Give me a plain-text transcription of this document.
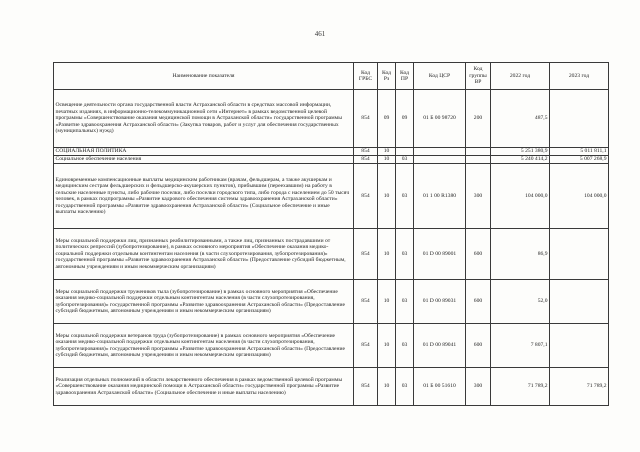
461
Наименование показателя	Код ГРБС	Код Рз	Код ПР	Код ЦСР	Код группы ВР	2022 год	2023 год
Освещение деятельности органа государственной власти Астраханской области в средствах массовой информации, печатных изданиях, в информационно-телекоммуникационной сети «Интернет» в рамках ведомственной целевой программы «Совершенствование оказания медицинской помощи в Астраханской области» государственной программы «Развитие здравоохранения Астраханской области» (Закупка товаров, работ и услуг для обеспечения государственных (муниципальных) нужд)	854	09	09	01 Б 00 98720	200	487,5	
СОЦИАЛЬНАЯ ПОЛИТИКА	854	10				5 251 380,9	5 011 811,1
Социальное обеспечение населения	854	10	03			5 240 414,2	5 007 268,9
Единовременные компенсационные выплаты медицинским работникам (врачам, фельдшерам, а также акушеркам и медицинским сестрам фельдшерских и фельдшерско-акушерских пунктов), прибывшим (переехавшим) на работу в сельские населенные пункты, либо рабочие поселки, либо поселки городского типа, либо города с населением до 50 тысяч человек, в рамках подпрограммы «Развитие кадрового обеспечения системы здравоохранения Астраханской области» государственной программы «Развитие здравоохранения Астраханской области» (Социальное обеспечение и иные выплаты населению)	854	10	03	01 1 00 R1380	300	104 000,0	104 000,0
Меры социальной поддержки лиц, признанных реабилитированными, а также лиц, признанных пострадавшими от политических репрессий (зубопротезирование), в рамках основного мероприятия «Обеспечение оказания медико-социальной поддержки отдельным контингентам населения (в части слухопротезирования, зубопротезирования)» государственной программы «Развитие здравоохранения Астраханской области» (Предоставление субсидий бюджетным, автономным учреждениям и иным некоммерческим организациям)	854	10	03	01 D 00 89001	600	86,9	
Меры социальной поддержки тружеников тыла (зубопротезирование) в рамках основного мероприятия «Обеспечение оказания медико-социальной поддержки отдельным контингентам населения (в части слухопротезирования, зубопротезирования)» государственной программы «Развитие здравоохранения Астраханской области» (Предоставление субсидий бюджетным, автономным учреждениям и иным некоммерческим организациям)	854	10	03	01 D 00 89031	600	52,0	
Меры социальной поддержки ветеранов труда (зубопротезирование) в рамках основного мероприятия «Обеспечение оказания медико-социальной поддержки отдельным контингентам населения (в части слухопротезирования, зубопротезирования)» государственной программы «Развитие здравоохранения Астраханской области» (Предоставление субсидий бюджетным, автономным учреждениям и иным некоммерческим организациям)	854	10	03	01 D 00 89041	600	7 807,1	
Реализация отдельных полномочий в области лекарственного обеспечения в рамках ведомственной целевой программы «Совершенствование оказания медицинской помощи в Астраханской области» государственной программы «Развитие здравоохранения Астраханской области» (Социальное обеспечение и иные выплаты населению)	854	10	03	01 Б 00 51610	300	71 789,2	71 789,2
